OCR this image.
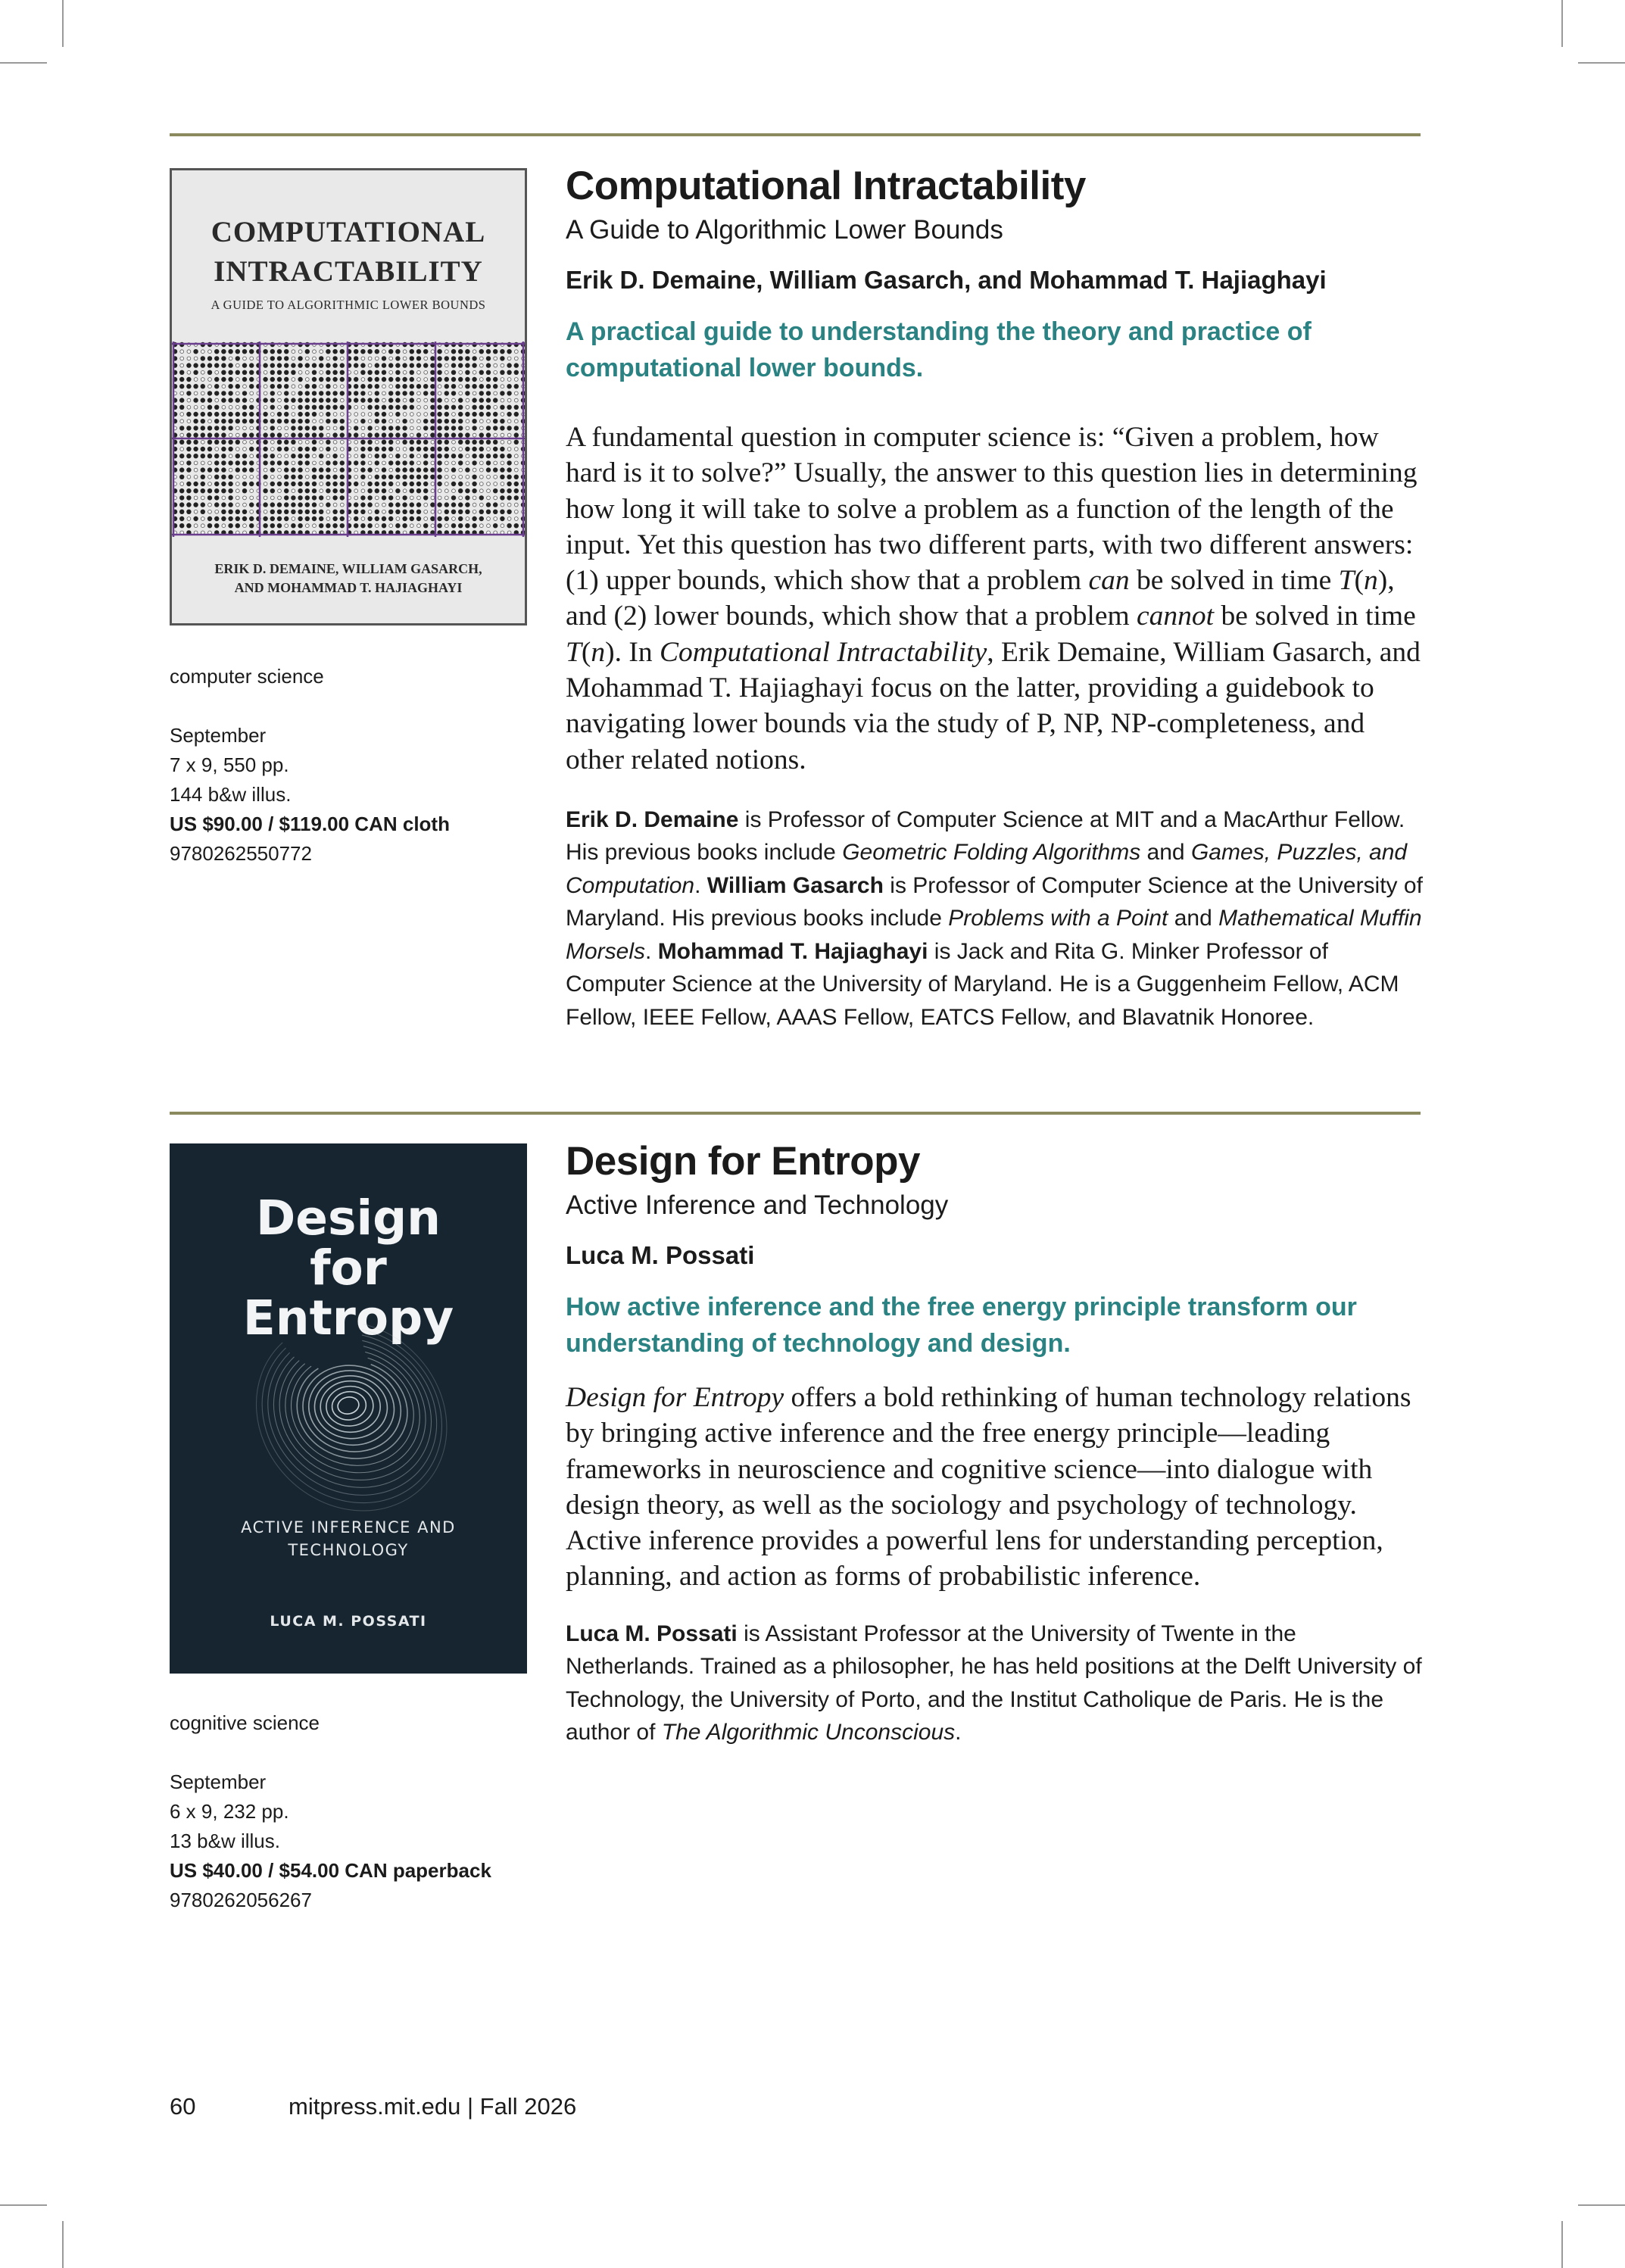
COMPUTATIONAL
INTRACTABILITY
A GUIDE TO ALGORITHMIC LOWER BOUNDS
ERIK D. DEMAINE, WILLIAM GASARCH,
AND MOHAMMAD T. HAJIAGHAYI
computer science
September
7 x 9, 550 pp.
144 b&w illus.
US $90.00 / $119.00 CAN cloth
9780262550772
Computational Intractability
A Guide to Algorithmic Lower Bounds
Erik D. Demaine, William Gasarch, and Mohammad T. Hajiaghayi
A practical guide to understanding the theory and practice of computational lower bounds.
A fundamental question in computer science is: “Given a problem, how hard is it to solve?” Usually, the answer to this question lies in determining how long it will take to solve a problem as a function of the length of the input. Yet this question has two different parts, with two different answers: (1) upper bounds, which show that a problem can be solved in time T(n), and (2) lower bounds, which show that a problem cannot be solved in time T(n). In Computational Intractability, Erik Demaine, William Gasarch, and Mohammad T. Hajiaghayi focus on the latter, providing a guidebook to navigating lower bounds via the study of P, NP, NP-completeness, and other related notions.
Erik D. Demaine is Professor of Computer Science at MIT and a MacArthur Fellow. His previous books include Geometric Folding Algorithms and Games, Puzzles, and Computation. William Gasarch is Professor of Computer Science at the University of Maryland. His previous books include Problems with a Point and Mathematical Muffin Morsels. Mohammad T. Hajiaghayi is Jack and Rita G. Minker Professor of Computer Science at the University of Maryland. He is a Guggenheim Fellow, ACM Fellow, IEEE Fellow, AAAS Fellow, EATCS Fellow, and Blavatnik Honoree.
Design
for
Entropy
ACTIVE INFERENCE AND
TECHNOLOGY
LUCA M. POSSATI
cognitive science
September
6 x 9, 232 pp.
13 b&w illus.
US $40.00 / $54.00 CAN paperback
9780262056267
Design for Entropy
Active Inference and Technology
Luca M. Possati
How active inference and the free energy principle transform our understanding of technology and design.
Design for Entropy offers a bold rethinking of human technology relations by bringing active inference and the free energy principle—leading frameworks in neuroscience and cognitive science—into dialogue with design theory, as well as the sociology and psychology of technology. Active inference provides a powerful lens for understanding perception, planning, and action as forms of probabilistic inference.
Luca M. Possati is Assistant Professor at the University of Twente in the Netherlands. Trained as a philosopher, he has held positions at the Delft University of Technology, the University of Porto, and the Institut Catholique de Paris. He is the author of The Algorithmic Unconscious.
60	mitpress.mit.edu | Fall 2026
